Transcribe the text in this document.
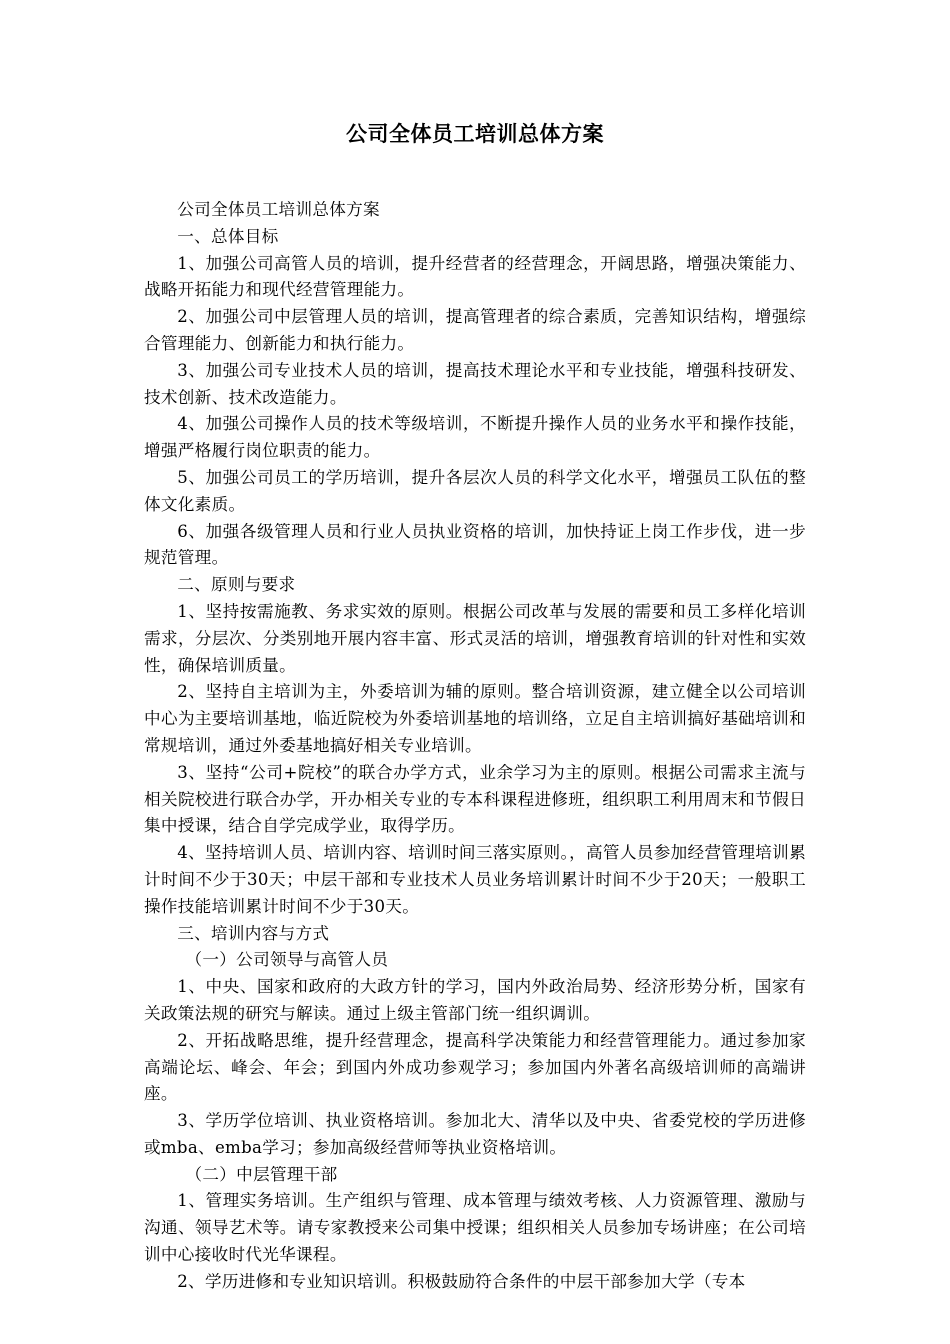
公司全体员工培训总体方案

公司全体员工培训总体方案

一、总体目标

1、加强公司高管人员的培训，提升经营者的经营理念，开阔思路，增强决策能力、战略开拓能力和现代经营管理能力。

2、加强公司中层管理人员的培训，提高管理者的综合素质，完善知识结构，增强综合管理能力、创新能力和执行能力。

3、加强公司专业技术人员的培训，提高技术理论水平和专业技能，增强科技研发、技术创新、技术改造能力。

4、加强公司操作人员的技术等级培训，不断提升操作人员的业务水平和操作技能，增强严格履行岗位职责的能力。

5、加强公司员工的学历培训，提升各层次人员的科学文化水平，增强员工队伍的整体文化素质。

6、加强各级管理人员和行业人员执业资格的培训，加快持证上岗工作步伐，进一步规范管理。

二、原则与要求

1、坚持按需施教、务求实效的原则。根据公司改革与发展的需要和员工多样化培训需求，分层次、分类别地开展内容丰富、形式灵活的培训，增强教育培训的针对性和实效性，确保培训质量。

2、坚持自主培训为主，外委培训为辅的原则。整合培训资源，建立健全以公司培训中心为主要培训基地，临近院校为外委培训基地的培训络，立足自主培训搞好基础培训和常规培训，通过外委基地搞好相关专业培训。

3、坚持“公司+院校”的联合办学方式，业余学习为主的原则。根据公司需求主流与相关院校进行联合办学，开办相关专业的专本科课程进修班，组织职工利用周末和节假日集中授课，结合自学完成学业，取得学历。

4、坚持培训人员、培训内容、培训时间三落实原则。，高管人员参加经营管理培训累计时间不少于30天；中层干部和专业技术人员业务培训累计时间不少于20天；一般职工操作技能培训累计时间不少于30天。

三、培训内容与方式

（一）公司领导与高管人员

1、中央、国家和政府的大政方针的学习，国内外政治局势、经济形势分析，国家有关政策法规的研究与解读。通过上级主管部门统一组织调训。

2、开拓战略思维，提升经营理念，提高科学决策能力和经营管理能力。通过参加家高端论坛、峰会、年会；到国内外成功参观学习；参加国内外著名高级培训师的高端讲座。

3、学历学位培训、执业资格培训。参加北大、清华以及中央、省委党校的学历进修或mba、emba学习；参加高级经营师等执业资格培训。

（二）中层管理干部

1、管理实务培训。生产组织与管理、成本管理与绩效考核、人力资源管理、激励与沟通、领导艺术等。请专家教授来公司集中授课；组织相关人员参加专场讲座；在公司培训中心接收时代光华课程。

2、学历进修和专业知识培训。积极鼓励符合条件的中层干部参加大学（专本
